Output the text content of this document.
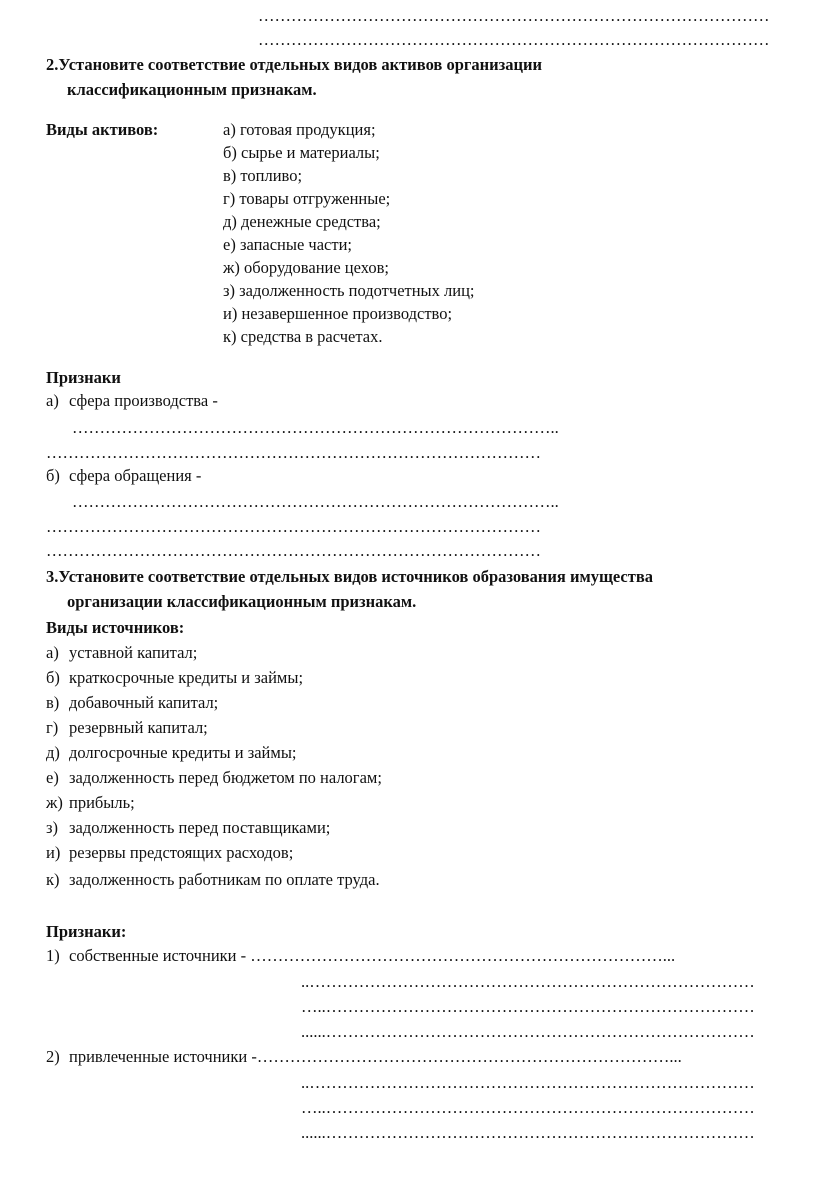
…………………………………………………………………………………
…………………………………………………………………………………
2.Установите соответствие отдельных видов активов организации
классификационным признакам.
Виды активов:	а) готовая продукция;
б) сырье и материалы;
в) топливо;
г) товары отгруженные;
д) денежные средства;
е) запасные части;
ж) оборудование цехов;
з) задолженность подотчетных лиц;
и) незавершенное производство;
к) средства в расчетах.
Признаки
а) сфера производства -
……………………………………………………………………………..
………………………………………………………………………………
б) сфера обращения -
……………………………………………………………………………..
………………………………………………………………………………
………………………………………………………………………………
3.Установите соответствие отдельных видов источников образования имущества
организации классификационным признакам.
Виды источников:
а) уставной капитал;
б) краткосрочные кредиты и займы;
в) добавочный капитал;
г) резервный капитал;
д) долгосрочные кредиты и займы;
е) задолженность перед бюджетом по налогам;
ж) прибыль;
з) задолженность перед поставщиками;
и) резервы предстоящих расходов;
к) задолженность работникам по оплате труда.
Признаки:
1) собственные источники - …………………………………………………………………...
..………………………………………………………………………
…..……………………………………………………………………
......……………………………………………………………………
2) привлеченные источники -…………………………………………………………………...
..………………………………………………………………………
…..……………………………………………………………………
......……………………………………………………………………
